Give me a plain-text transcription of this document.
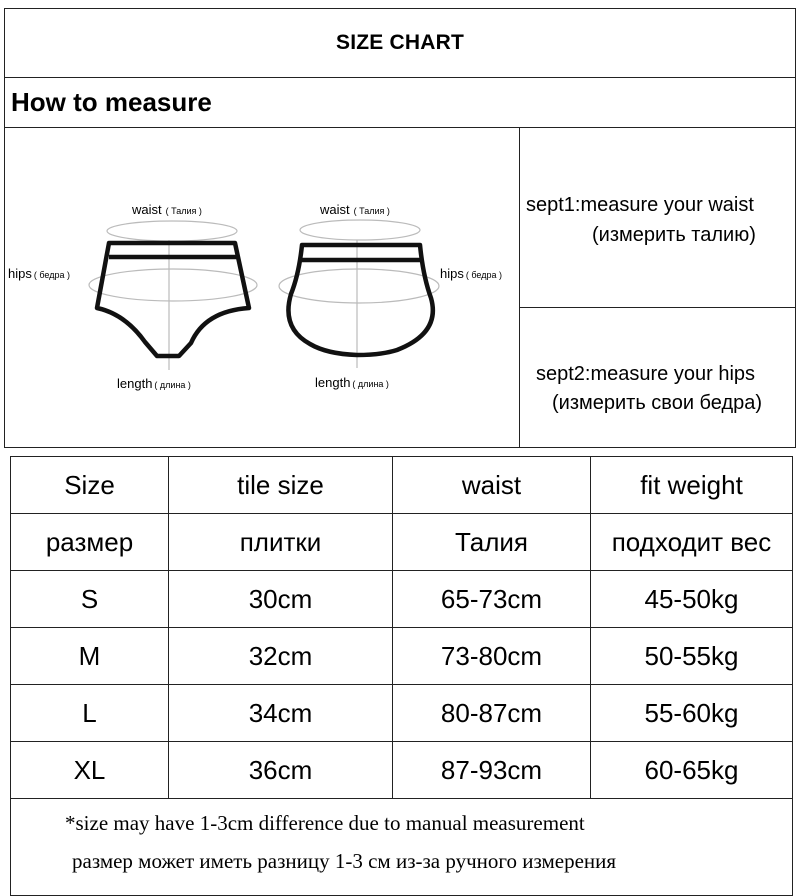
SIZE CHART
How to measure
waist ( Талия )	waist ( Талия )
hips ( бедра )	hips ( бедра )
length ( длина )	length ( длина )
sept1:measure your waist
(измерить талию)
sept2:measure your hips
(измерить свои бедра)
Size	tile size	waist	fit weight
размер	плитки	Талия	подходит вес
S	30cm	65-73cm	45-50kg
M	32cm	73-80cm	50-55kg
L	34cm	80-87cm	55-60kg
XL	36cm	87-93cm	60-65kg

*size may have 1-3cm difference due to manual measurement
размер может иметь разницу 1-3 см из-за ручного измерения			
